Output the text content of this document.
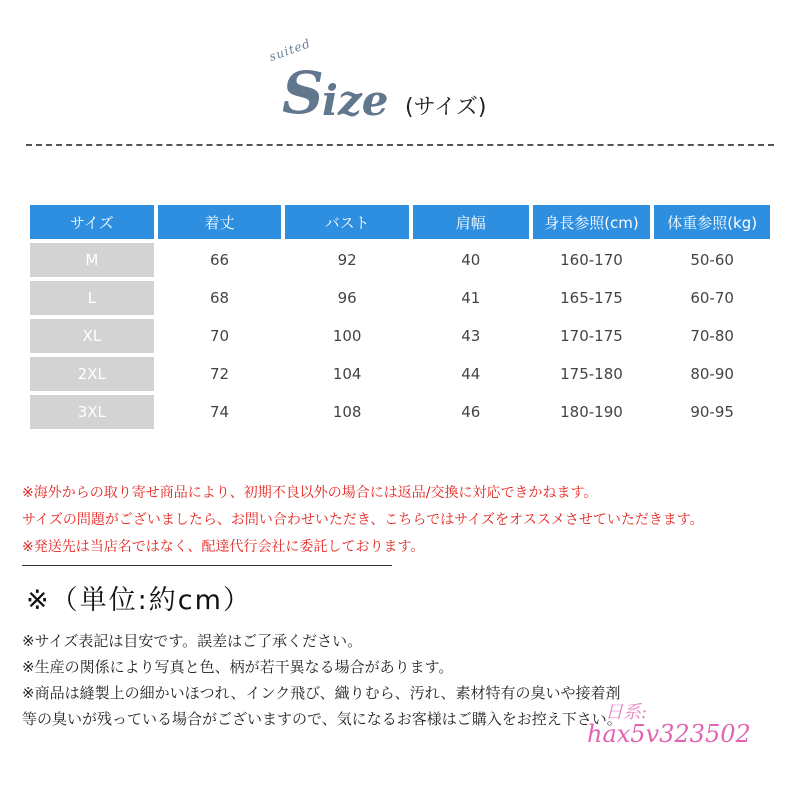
suited
S
ize (サイズ)
サイズ	着丈	バスト	肩幅	身長参照(cm)	体重参照(kg)
M	66	92	40	160-170	50-60
L	68	96	41	165-175	60-70
XL	70	100	43	170-175	70-80
2XL	72	104	44	175-180	80-90
3XL	74	108	46	180-190	90-95
※海外からの取り寄せ商品により、初期不良以外の場合には返品/交換に対応できかねます。
サイズの問題がございましたら、お問い合わせいただき、こちらではサイズをオススメさせていただきます。
※発送先は当店名ではなく、配達代行会社に委託しております。
※（単位:約cm）
※サイズ表記は目安です。誤差はご了承ください。
※生産の関係により写真と色、柄が若干異なる場合があります。
※商品は縫製上の細かいほつれ、インク飛び、織りむら、汚れ、素材特有の臭いや接着剤
等の臭いが残っている場合がございますので、気になるお客様はご購入をお控え下さい。
日系:
hax5v323502
